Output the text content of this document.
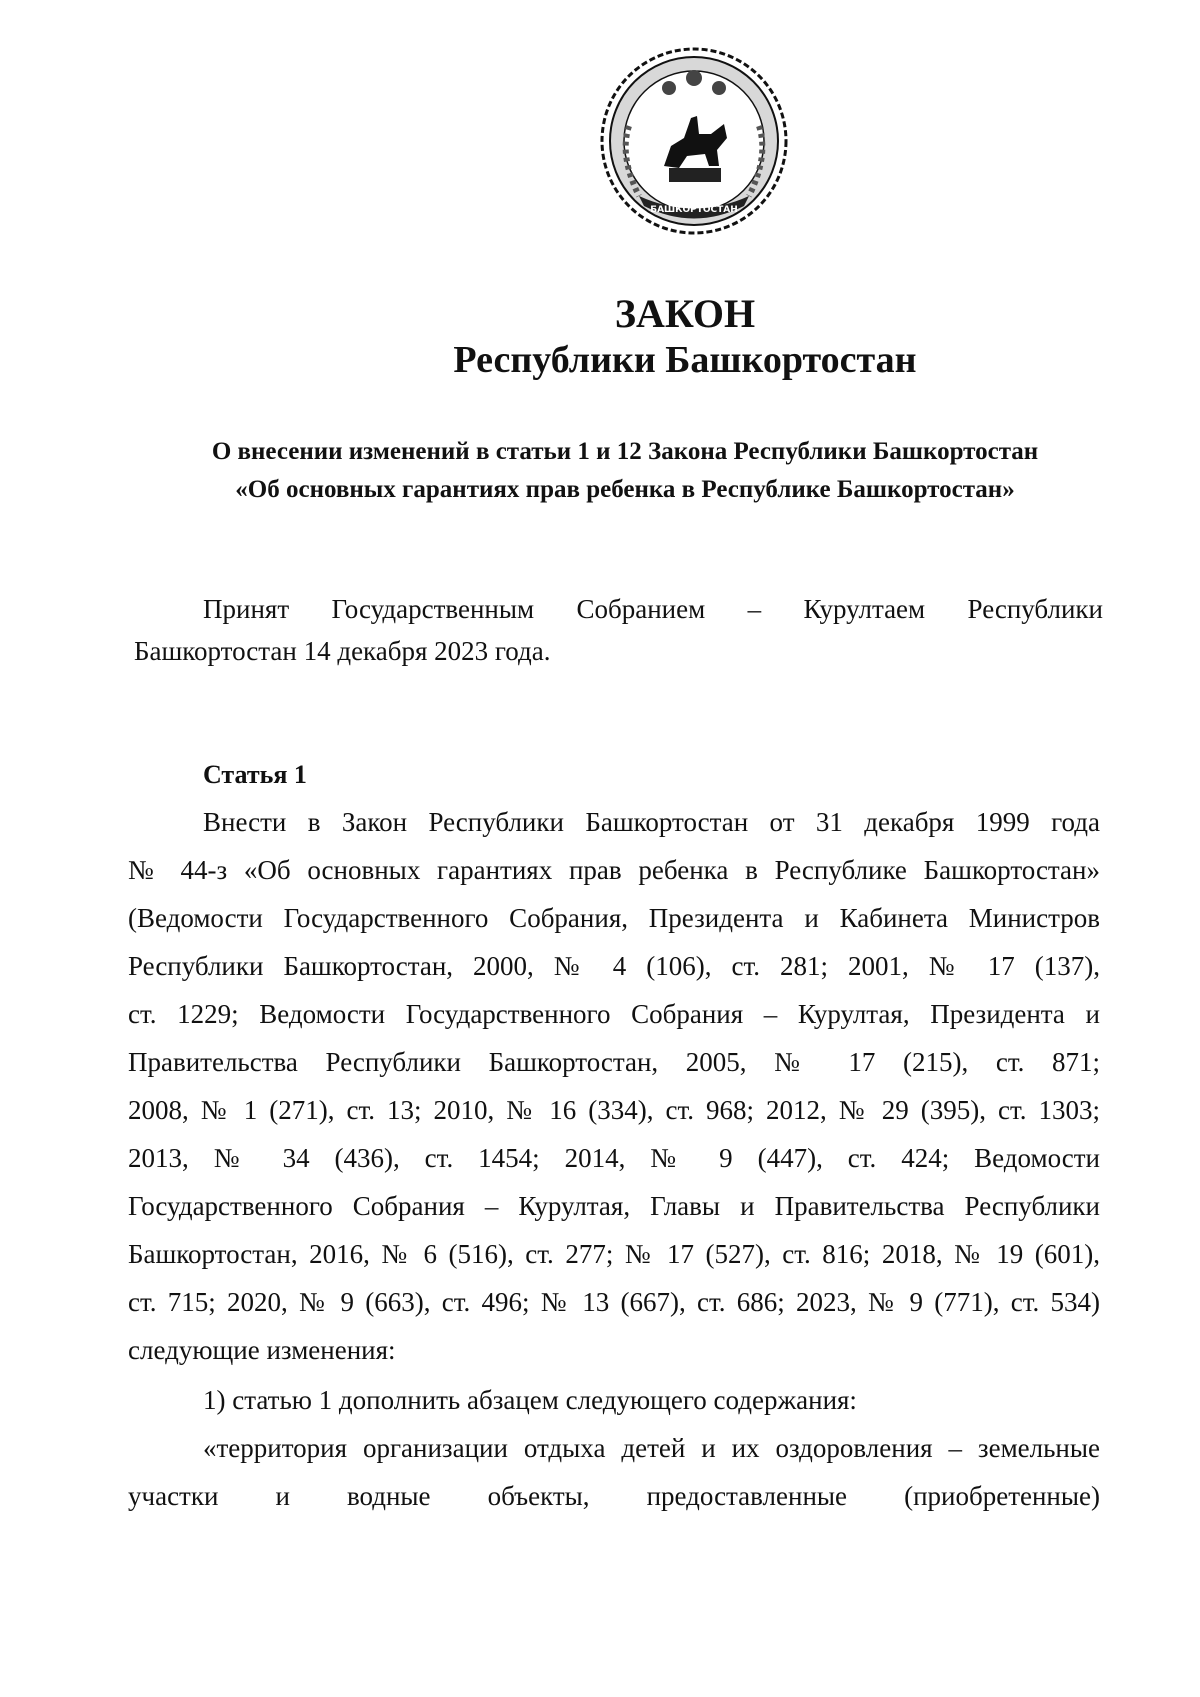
БАШКОРТОСТАН
ЗАКОН
Республики Башкортостан

О внесении изменений в статьи 1 и 12 Закона Республики Башкортостан

«Об основных гарантиях прав ребенка в Республике Башкортостан»

Принят Государственным Собранием – Курултаем Республики

Башкортостан 14 декабря 2023 года.

Статья 1

Внести в Закон Республики Башкортостан от 31 декабря 1999 года

№ 44-з «Об основных гарантиях прав ребенка в Республике Башкортостан»

(Ведомости Государственного Собрания, Президента и Кабинета Министров

Республики Башкортостан, 2000, № 4 (106), ст. 281; 2001, № 17 (137),

ст. 1229; Ведомости Государственного Собрания – Курултая, Президента и

Правительства Республики Башкортостан, 2005, № 17 (215), ст. 871;

2008, № 1 (271), ст. 13; 2010, № 16 (334), ст. 968; 2012, № 29 (395), ст. 1303;

2013, № 34 (436), ст. 1454; 2014, № 9 (447), ст. 424; Ведомости

Государственного Собрания – Курултая, Главы и Правительства Республики

Башкортостан, 2016, № 6 (516), ст. 277; № 17 (527), ст. 816; 2018, № 19 (601),

ст. 715; 2020, № 9 (663), ст. 496; № 13 (667), ст. 686; 2023, № 9 (771), ст. 534)

следующие изменения:

1) статью 1 дополнить абзацем следующего содержания:

«территория организации отдыха детей и их оздоровления – земельные

участки и водные объекты, предоставленные (приобретенные)
